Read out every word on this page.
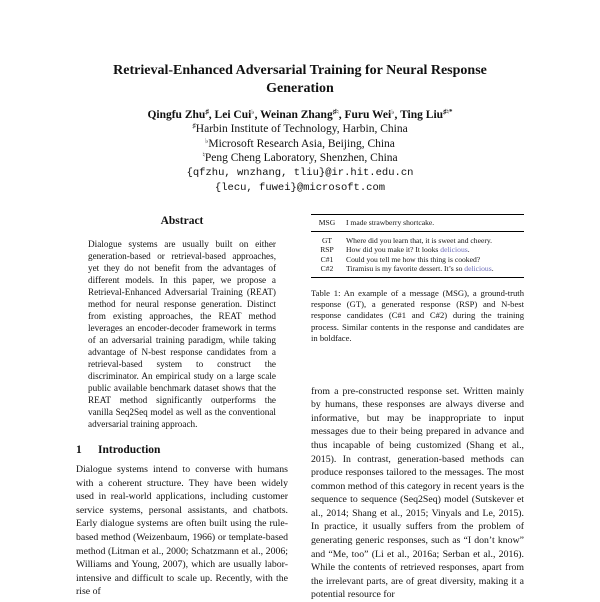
Retrieval-Enhanced Adversarial Training for Neural Response Generation
Qingfu Zhu♯, Lei Cui♭, Weinan Zhang♯♮, Furu Wei♭, Ting Liu♯♮*
♯Harbin Institute of Technology, Harbin, China
♭Microsoft Research Asia, Beijing, China
♮Peng Cheng Laboratory, Shenzhen, China
{qfzhu, wnzhang, tliu}@ir.hit.edu.cn
{lecu, fuwei}@microsoft.com
Abstract

Dialogue systems are usually built on either generation-based or retrieval-based approaches, yet they do not benefit from the advantages of different models. In this paper, we propose a Retrieval-Enhanced Adversarial Training (REAT) method for neural response generation. Distinct from existing approaches, the REAT method leverages an encoder-decoder framework in terms of an adversarial training paradigm, while taking advantage of N-best response candidates from a retrieval-based system to construct the discriminator. An empirical study on a large scale public available benchmark dataset shows that the REAT method significantly outperforms the vanilla Seq2Seq model as well as the conventional adversarial training approach.

1 Introduction

Dialogue systems intend to converse with humans with a coherent structure. They have been widely used in real-world applications, including customer service systems, personal assistants, and chatbots. Early dialogue systems are often built using the rule-based method (Weizenbaum, 1966) or template-based method (Litman et al., 2000; Schatzmann et al., 2006; Williams and Young, 2007), which are usually labor-intensive and difficult to scale up. Recently, with the rise of

MSG	I made strawberry shortcake.
GT	Where did you learn that, it is sweet and cheery.
RSP	How did you make it? It looks delicious.
C#1	Could you tell me how this thing is cooked?
C#2	Tiramisu is my favorite dessert. It’s so delicious.

Table 1: An example of a message (MSG), a ground-truth response (GT), a generated response (RSP) and N-best response candidates (C#1 and C#2) during the training process. Similar contents in the response and candidates are in boldface.

from a pre-constructed response set. Written mainly by humans, these responses are always diverse and informative, but may be inappropriate to input messages due to their being prepared in advance and thus incapable of being customized (Shang et al., 2015). In contrast, generation-based methods can produce responses tailored to the messages. The most common method of this category in recent years is the sequence to sequence (Seq2Seq) model (Sutskever et al., 2014; Shang et al., 2015; Vinyals and Le, 2015). In practice, it usually suffers from the problem of generating generic responses, such as “I don’t know” and “Me, too” (Li et al., 2016a; Serban et al., 2016). While the contents of retrieved responses, apart from the irrelevant parts, are of great diversity, making it a potential resource for
